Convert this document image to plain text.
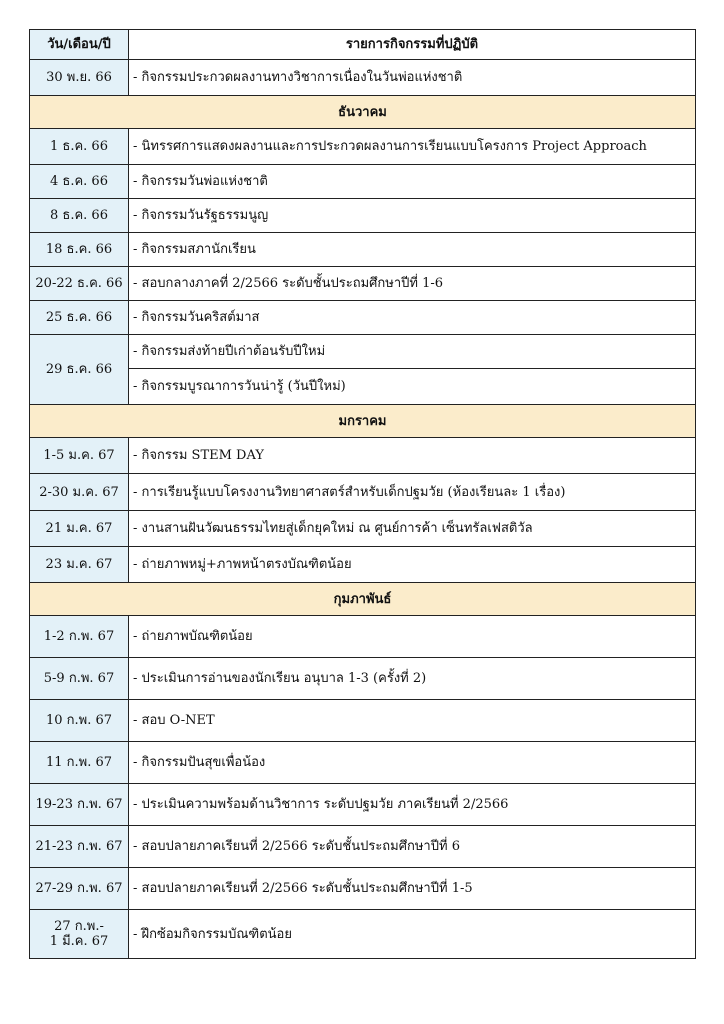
วัน/เดือน/ปี	รายการกิจกรรมที่ปฏิบัติ
30 พ.ย. 66	- กิจกรรมประกวดผลงานทางวิชาการเนื่องในวันพ่อแห่งชาติ
ธันวาคม	
1 ธ.ค. 66	- นิทรรศการแสดงผลงานและการประกวดผลงานการเรียนแบบโครงการ Project Approach
4 ธ.ค. 66	- กิจกรรมวันพ่อแห่งชาติ
8 ธ.ค. 66	- กิจกรรมวันรัฐธรรมนูญ
18 ธ.ค. 66	- กิจกรรมสภานักเรียน
20-22 ธ.ค. 66	- สอบกลางภาคที่ 2/2566 ระดับชั้นประถมศึกษาปีที่ 1-6
25 ธ.ค. 66	- กิจกรรมวันคริสต์มาส
29 ธ.ค. 66	- กิจกรรมส่งท้ายปีเก่าต้อนรับปีใหม่
	- กิจกรรมบูรณาการวันน่ารู้ (วันปีใหม่)
มกราคม	
1-5 ม.ค. 67	- กิจกรรม STEM DAY
2-30 ม.ค. 67	- การเรียนรู้แบบโครงงานวิทยาศาสตร์สำหรับเด็กปฐมวัย (ห้องเรียนละ 1 เรื่อง)
21 ม.ค. 67	- งานสานฝันวัฒนธรรมไทยสู่เด็กยุคใหม่ ณ ศูนย์การค้า เซ็นทรัลเฟสติวัล
23 ม.ค. 67	- ถ่ายภาพหมู่+ภาพหน้าตรงบัณฑิตน้อย
กุมภาพันธ์	
1-2 ก.พ. 67	- ถ่ายภาพบัณฑิตน้อย
5-9 ก.พ. 67	- ประเมินการอ่านของนักเรียน อนุบาล 1-3 (ครั้งที่ 2)
10 ก.พ. 67	- สอบ O-NET
11 ก.พ. 67	- กิจกรรมปันสุขเพื่อน้อง
19-23 ก.พ. 67	- ประเมินความพร้อมด้านวิชาการ ระดับปฐมวัย ภาคเรียนที่ 2/2566
21-23 ก.พ. 67	- สอบปลายภาคเรียนที่ 2/2566 ระดับชั้นประถมศึกษาปีที่ 6
27-29 ก.พ. 67	- สอบปลายภาคเรียนที่ 2/2566 ระดับชั้นประถมศึกษาปีที่ 1-5

27 ก.พ.-
1 มี.ค. 67	- ฝึกซ้อมกิจกรรมบัณฑิตน้อย
